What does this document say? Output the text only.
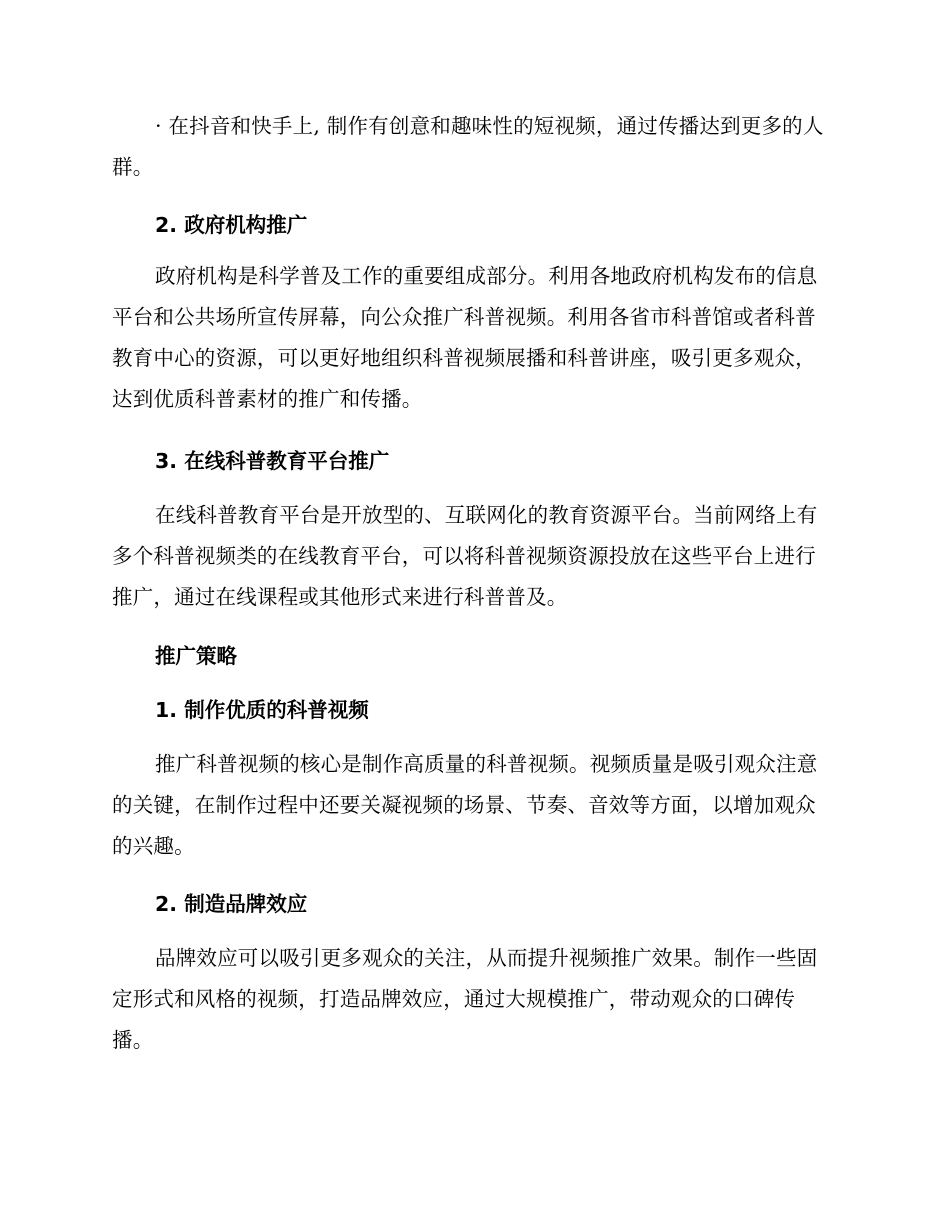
· 在抖音和快手上, 制作有创意和趣味性的短视频，通过传播达到更多的人群。

2. 政府机构推广

政府机构是科学普及工作的重要组成部分。利用各地政府机构发布的信息平台和公共场所宣传屏幕，向公众推广科普视频。利用各省市科普馆或者科普教育中心的资源，可以更好地组织科普视频展播和科普讲座，吸引更多观众，达到优质科普素材的推广和传播。

3. 在线科普教育平台推广

在线科普教育平台是开放型的、互联网化的教育资源平台。当前网络上有多个科普视频类的在线教育平台，可以将科普视频资源投放在这些平台上进行推广，通过在线课程或其他形式来进行科普普及。

推广策略

1. 制作优质的科普视频

推广科普视频的核心是制作高质量的科普视频。视频质量是吸引观众注意的关键，在制作过程中还要关凝视频的场景、节奏、音效等方面，以增加观众的兴趣。

2. 制造品牌效应

品牌效应可以吸引更多观众的关注，从而提升视频推广效果。制作一些固定形式和风格的视频，打造品牌效应，通过大规模推广，带动观众的口碑传播。
